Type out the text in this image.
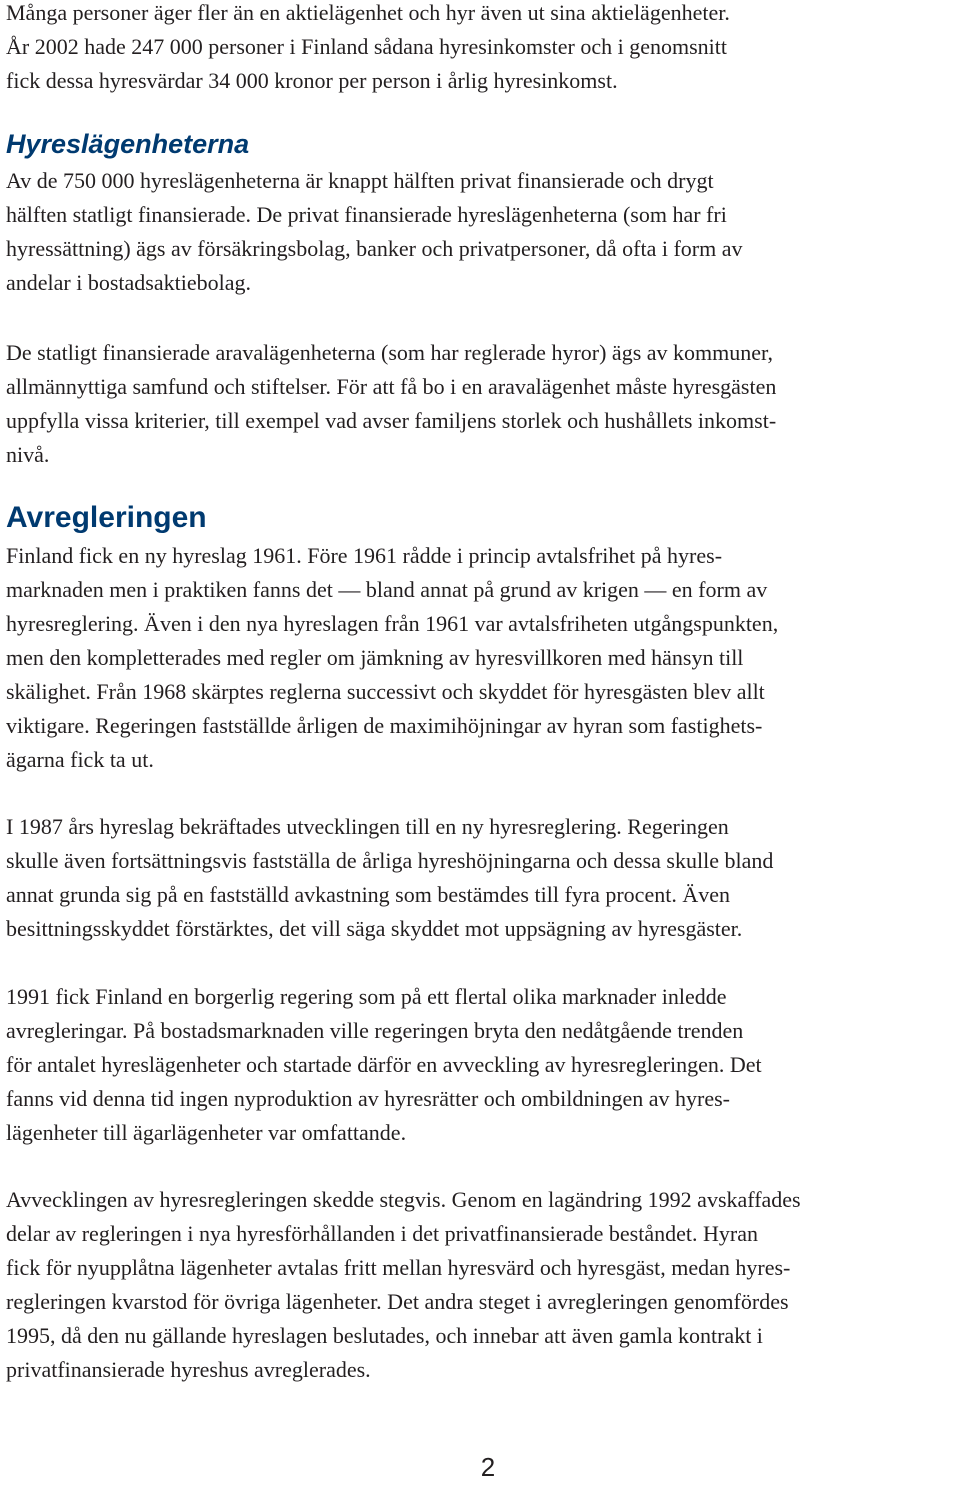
Många personer äger fler än en aktielägenhet och hyr även ut sina aktielägenheter.
År 2002 hade 247 000 personer i Finland sådana hyresinkomster och i genomsnitt
fick dessa hyresvärdar 34 000 kronor per person i årlig hyresinkomst.
Hyreslägenheterna
Av de 750 000 hyreslägenheterna är knappt hälften privat finansierade och drygt
hälften statligt finansierade. De privat finansierade hyreslägenheterna (som har fri
hyressättning) ägs av försäkringsbolag, banker och privatpersoner, då ofta i form av
andelar i bostadsaktiebolag.
De statligt finansierade aravalägenheterna (som har reglerade hyror) ägs av kommuner,
allmännyttiga samfund och stiftelser. För att få bo i en aravalägenhet måste hyresgästen
uppfylla vissa kriterier, till exempel vad avser familjens storlek och hushållets inkomst-
nivå.
Avregleringen
Finland fick en ny hyreslag 1961. Före 1961 rådde i princip avtalsfrihet på hyres-
marknaden men i praktiken fanns det — bland annat på grund av krigen — en form av
hyresreglering. Även i den nya hyreslagen från 1961 var avtalsfriheten utgångspunkten,
men den kompletterades med regler om jämkning av hyresvillkoren med hänsyn till
skälighet. Från 1968 skärptes reglerna successivt och skyddet för hyresgästen blev allt
viktigare. Regeringen fastställde årligen de maximihöjningar av hyran som fastighets-
ägarna fick ta ut.
I 1987 års hyreslag bekräftades utvecklingen till en ny hyresreglering. Regeringen
skulle även fortsättningsvis fastställa de årliga hyreshöjningarna och dessa skulle bland
annat grunda sig på en fastställd avkastning som bestämdes till fyra procent. Även
besittningsskyddet förstärktes, det vill säga skyddet mot uppsägning av hyresgäster.
1991 fick Finland en borgerlig regering som på ett flertal olika marknader inledde
avregleringar. På bostadsmarknaden ville regeringen bryta den nedåtgående trenden
för antalet hyreslägenheter och startade därför en avveckling av hyresregleringen. Det
fanns vid denna tid ingen nyproduktion av hyresrätter och ombildningen av hyres-
lägenheter till ägarlägenheter var omfattande.
Avvecklingen av hyresregleringen skedde stegvis. Genom en lagändring 1992 avskaffades
delar av regleringen i nya hyresförhållanden i det privatfinansierade beståndet. Hyran
fick för nyupplåtna lägenheter avtalas fritt mellan hyresvärd och hyresgäst, medan hyres-
regleringen kvarstod för övriga lägenheter. Det andra steget i avregleringen genomfördes
1995, då den nu gällande hyreslagen beslutades, och innebar att även gamla kontrakt i
privatfinansierade hyreshus avreglerades.
2
